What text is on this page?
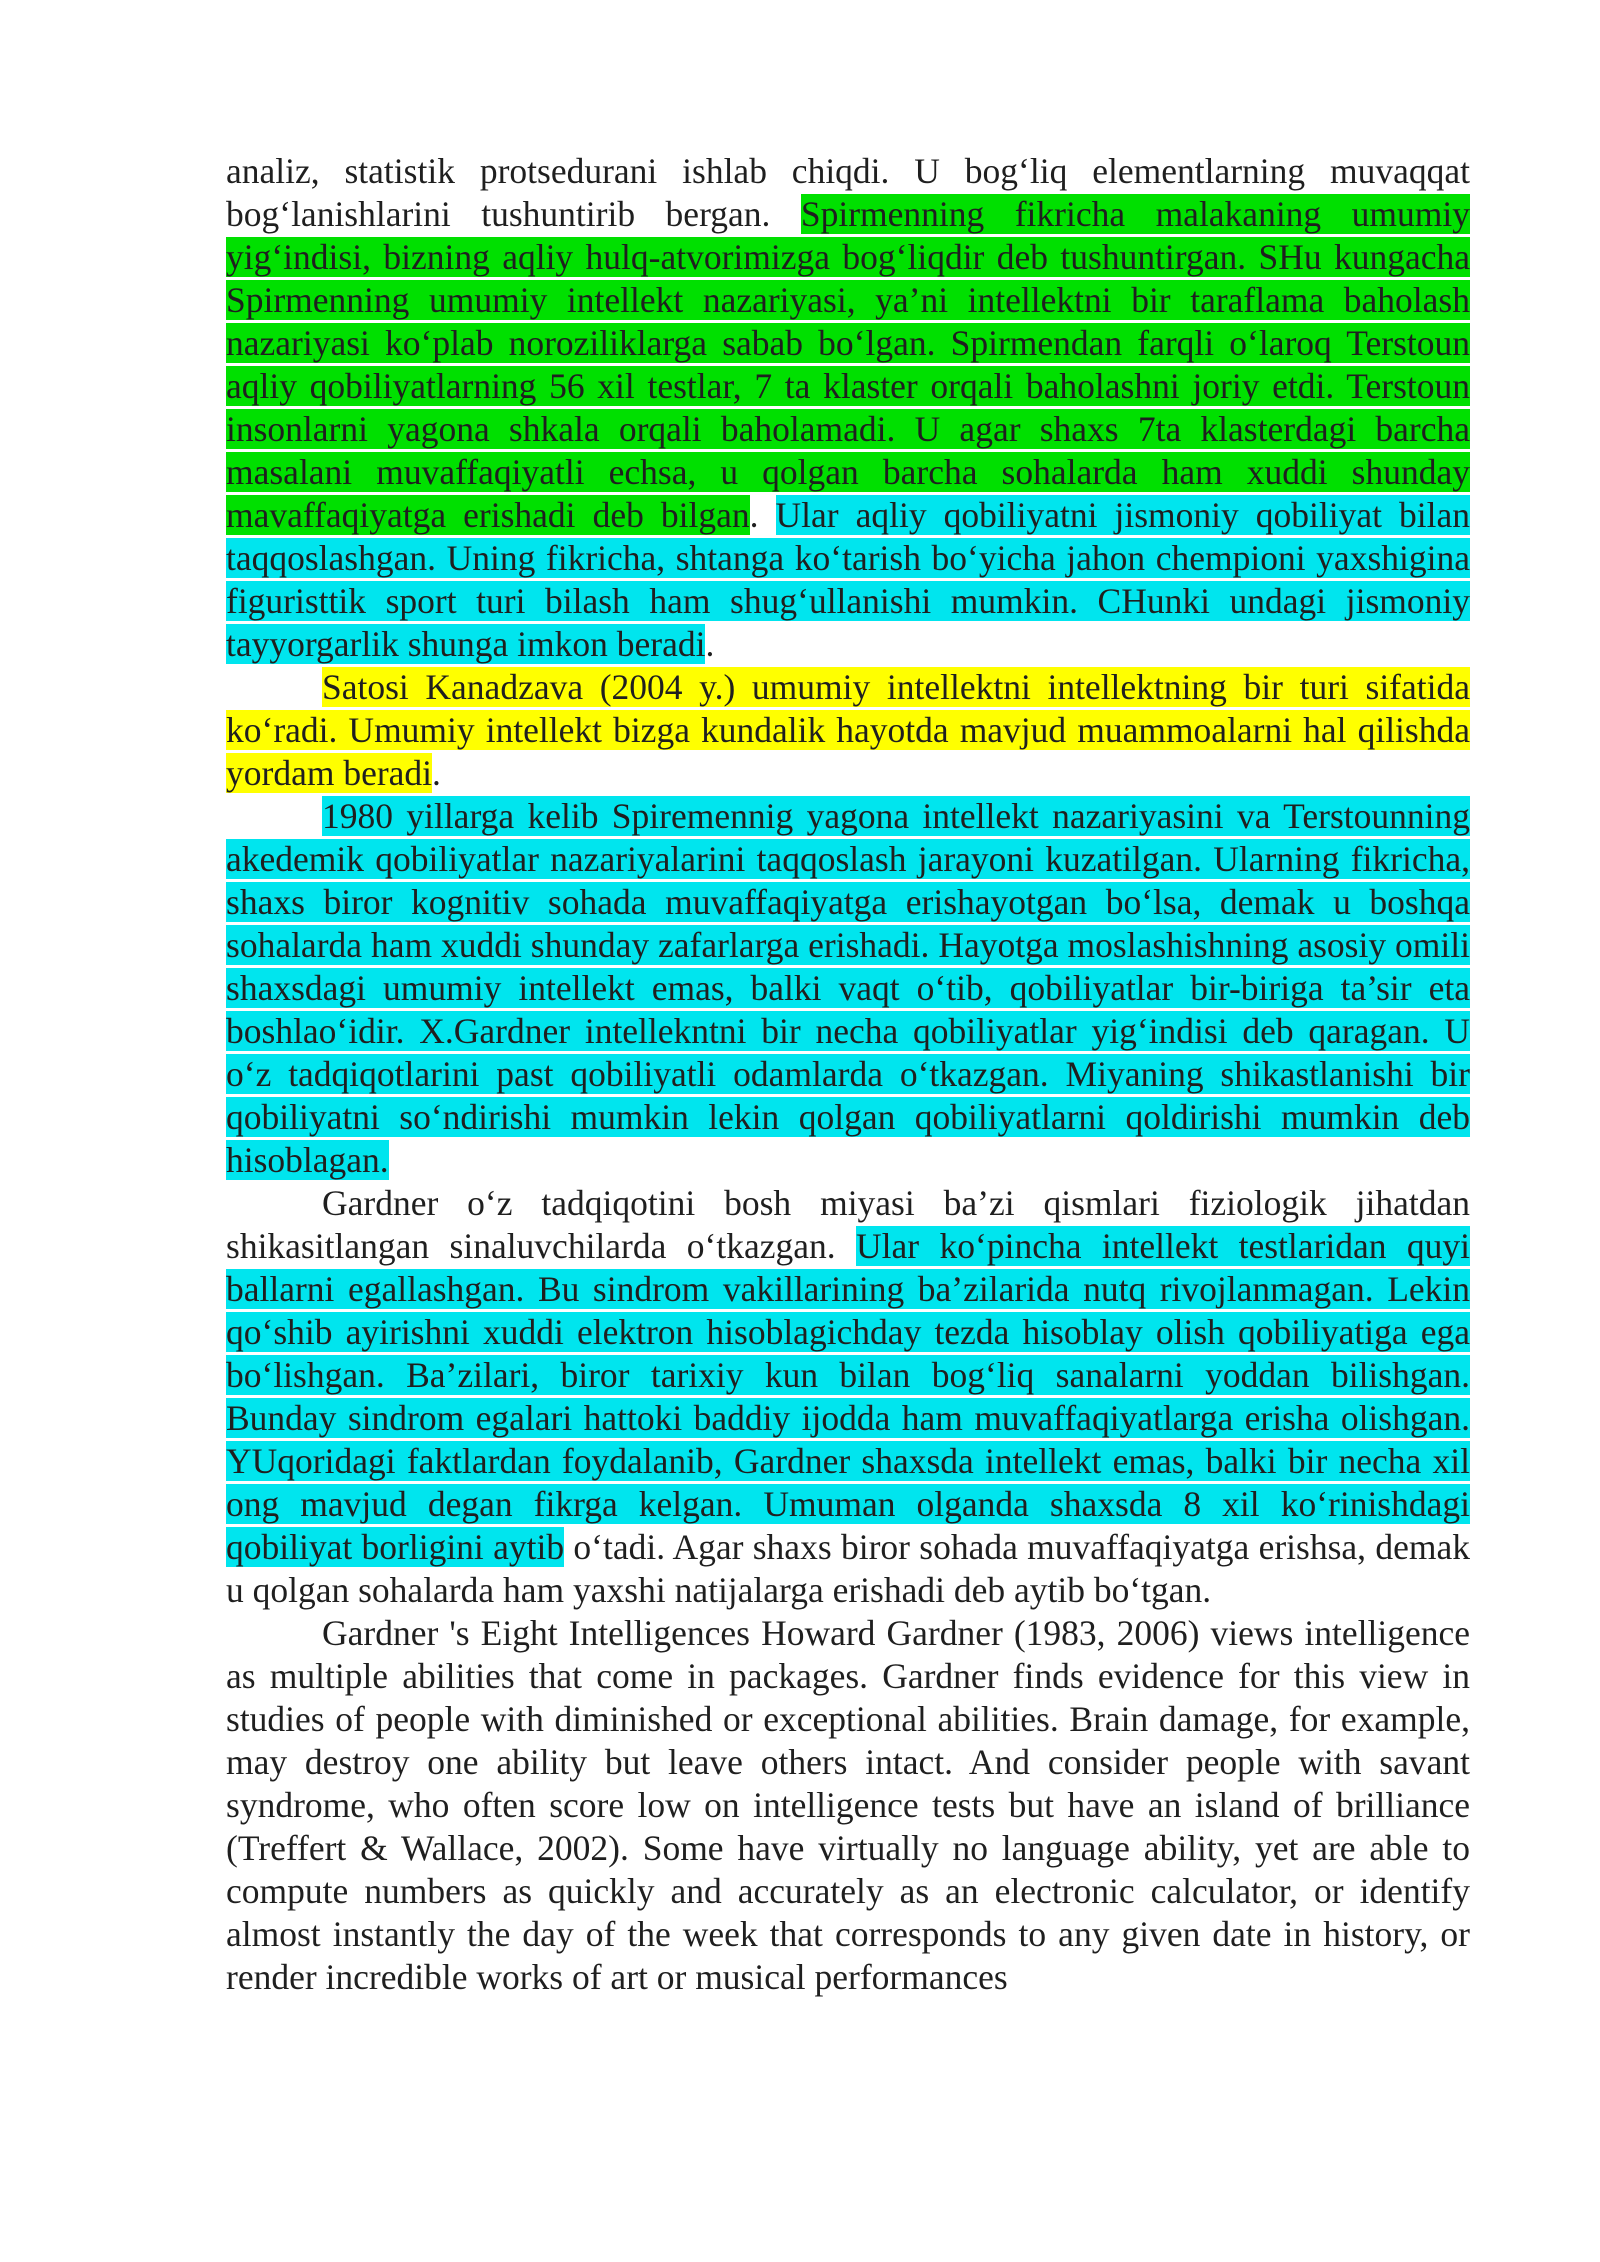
analiz, statistik protsedurani ishlab chiqdi. U bog‘liq elementlarning muvaqqat bog‘lanishlarini tushuntirib bergan. Spirmenning fikricha malakaning umumiy yig‘indisi, bizning aqliy hulq-atvorimizga bog‘liqdir deb tushuntirgan. SHu kungacha Spirmenning umumiy intellekt nazariyasi, ya’ni intellektni bir taraflama baholash nazariyasi ko‘plab noroziliklarga sabab bo‘lgan. Spirmendan farqli o‘laroq Terstoun aqliy qobiliyatlarning 56 xil testlar, 7 ta klaster orqali baholashni joriy etdi. Terstoun insonlarni yagona shkala orqali baholamadi. U agar shaxs 7ta klasterdagi barcha masalani muvaffaqiyatli echsa, u qolgan barcha sohalarda ham xuddi shunday mavaffaqiyatga erishadi deb bilgan. Ular aqliy qobiliyatni jismoniy qobiliyat bilan taqqoslashgan. Uning fikricha, shtanga ko‘tarish bo‘yicha jahon chempioni yaxshigina figuristtik sport turi bilash ham shug‘ullanishi mumkin. CHunki undagi jismoniy tayyorgarlik shunga imkon beradi.

Satosi Kanadzava (2004 y.) umumiy intellektni intellektning bir turi sifatida ko‘radi. Umumiy intellekt bizga kundalik hayotda mavjud muammoalarni hal qilishda yordam beradi.

1980 yillarga kelib Spiremennig yagona intellekt nazariyasini va Terstounning akedemik qobiliyatlar nazariyalarini taqqoslash jarayoni kuzatilgan. Ularning fikricha, shaxs biror kognitiv sohada muvaffaqiyatga erishayotgan bo‘lsa, demak u boshqa sohalarda ham xuddi shunday zafarlarga erishadi. Hayotga moslashishning asosiy omili shaxsdagi umumiy intellekt emas, balki vaqt o‘tib, qobiliyatlar bir-biriga ta’sir eta boshlao‘idir. X.Gardner intellekntni bir necha qobiliyatlar yig‘indisi deb qaragan. U o‘z tadqiqotlarini past qobiliyatli odamlarda o‘tkazgan. Miyaning shikastlanishi bir qobiliyatni so‘ndirishi mumkin lekin qolgan qobiliyatlarni qoldirishi mumkin deb hisoblagan.

Gardner o‘z tadqiqotini bosh miyasi ba’zi qismlari fiziologik jihatdan shikasitlangan sinaluvchilarda o‘tkazgan. Ular ko‘pincha intellekt testlaridan quyi ballarni egallashgan. Bu sindrom vakillarining ba’zilarida nutq rivojlanmagan. Lekin qo‘shib ayirishni xuddi elektron hisoblagichday tezda hisoblay olish qobiliyatiga ega bo‘lishgan. Ba’zilari, biror tarixiy kun bilan bog‘liq sanalarni yoddan bilishgan. Bunday sindrom egalari hattoki baddiy ijodda ham muvaffaqiyatlarga erisha olishgan. YUqoridagi faktlardan foydalanib, Gardner shaxsda intellekt emas, balki bir necha xil ong mavjud degan fikrga kelgan. Umuman olganda shaxsda 8 xil ko‘rinishdagi qobiliyat borligini aytib o‘tadi. Agar shaxs biror sohada muvaffaqiyatga erishsa, demak u qolgan sohalarda ham yaxshi natijalarga erishadi deb aytib bo‘tgan.

Gardner 's Eight Intelligences Howard Gardner (1983, 2006) views intelligence as multiple abilities that come in packages. Gardner finds evidence for this view in studies of people with diminished or exceptional abilities. Brain damage, for example, may destroy one ability but leave others intact. And consider people with savant syndrome, who often score low on intelligence tests but have an island of brilliance (Treffert & Wallace, 2002). Some have virtually no language ability, yet are able to compute numbers as quickly and accurately as an electronic calculator, or identify almost instantly the day of the week that corresponds to any given date in history, or render incredible works of art or musical performances
